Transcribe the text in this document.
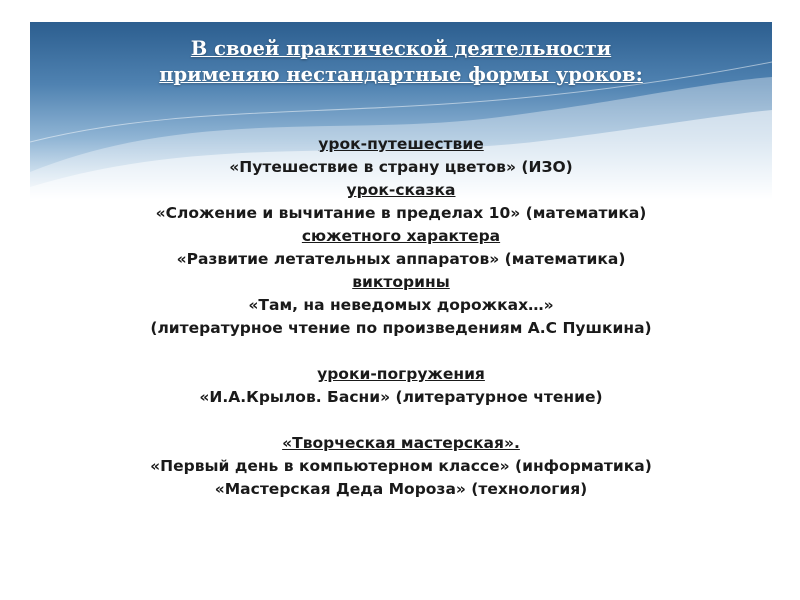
В своей практической деятельности
применяю нестандартные формы уроков:
урок-путешествие
«Путешествие в страну цветов» (ИЗО)
урок-сказка
«Сложение и вычитание в пределах 10» (математика)
сюжетного характера
«Развитие летательных аппаратов» (математика)
викторины
«Там, на неведомых дорожках…»
(литературное чтение по произведениям А.С Пушкина)
уроки-погружения
«И.А.Крылов. Басни» (литературное чтение)
«Творческая мастерская».
«Первый день в компьютерном классе» (информатика)
«Мастерская Деда Мороза» (технология)
